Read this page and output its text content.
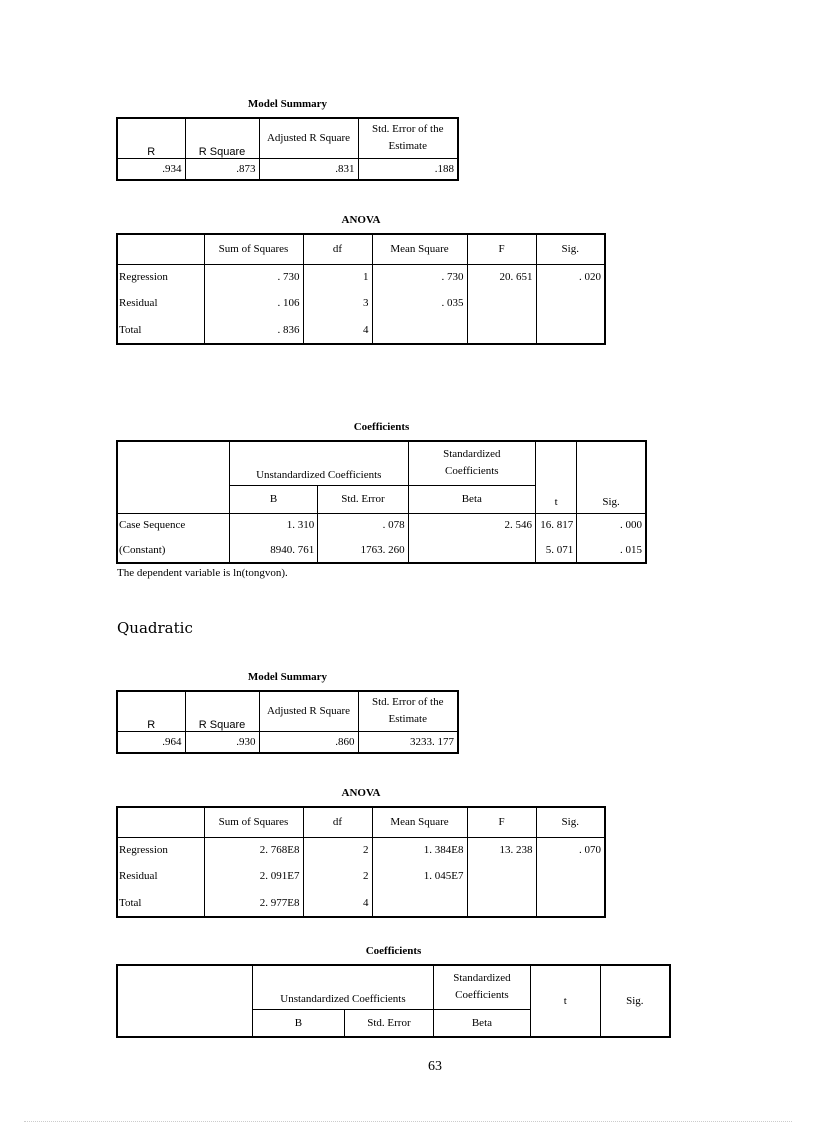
Model Summary
R	R Square	Adjusted R Square	Std. Error of the Estimate
.934	.873	.831	.188
ANOVA
	Sum of Squares	df	Mean Square	F	Sig.
Regression	. 730	1	. 730	20. 651	. 020
Residual	. 106	3	. 035		
Total	. 836	4			
Coefficients
	Unstandardized Coefficients		Standardized Coefficients	t	Sig.
	B	Std. Error	Beta		
Case Sequence	1. 310	. 078	2. 546	16. 817	. 000
(Constant)	8940. 761	1763. 260		5. 071	. 015
The dependent variable is ln(tongvon).
Quadratic
Model Summary
R	R Square	Adjusted R Square	Std. Error of the Estimate
.964	.930	.860	3233. 177
ANOVA
	Sum of Squares	df	Mean Square	F	Sig.
Regression	2. 768E8	2	1. 384E8	13. 238	. 070
Residual	2. 091E7	2	1. 045E7		
Total	2. 977E8	4			
Coefficients
	Unstandardized Coefficients		Standardized Coefficients	t	Sig.
	B	Std. Error	Beta		
63
